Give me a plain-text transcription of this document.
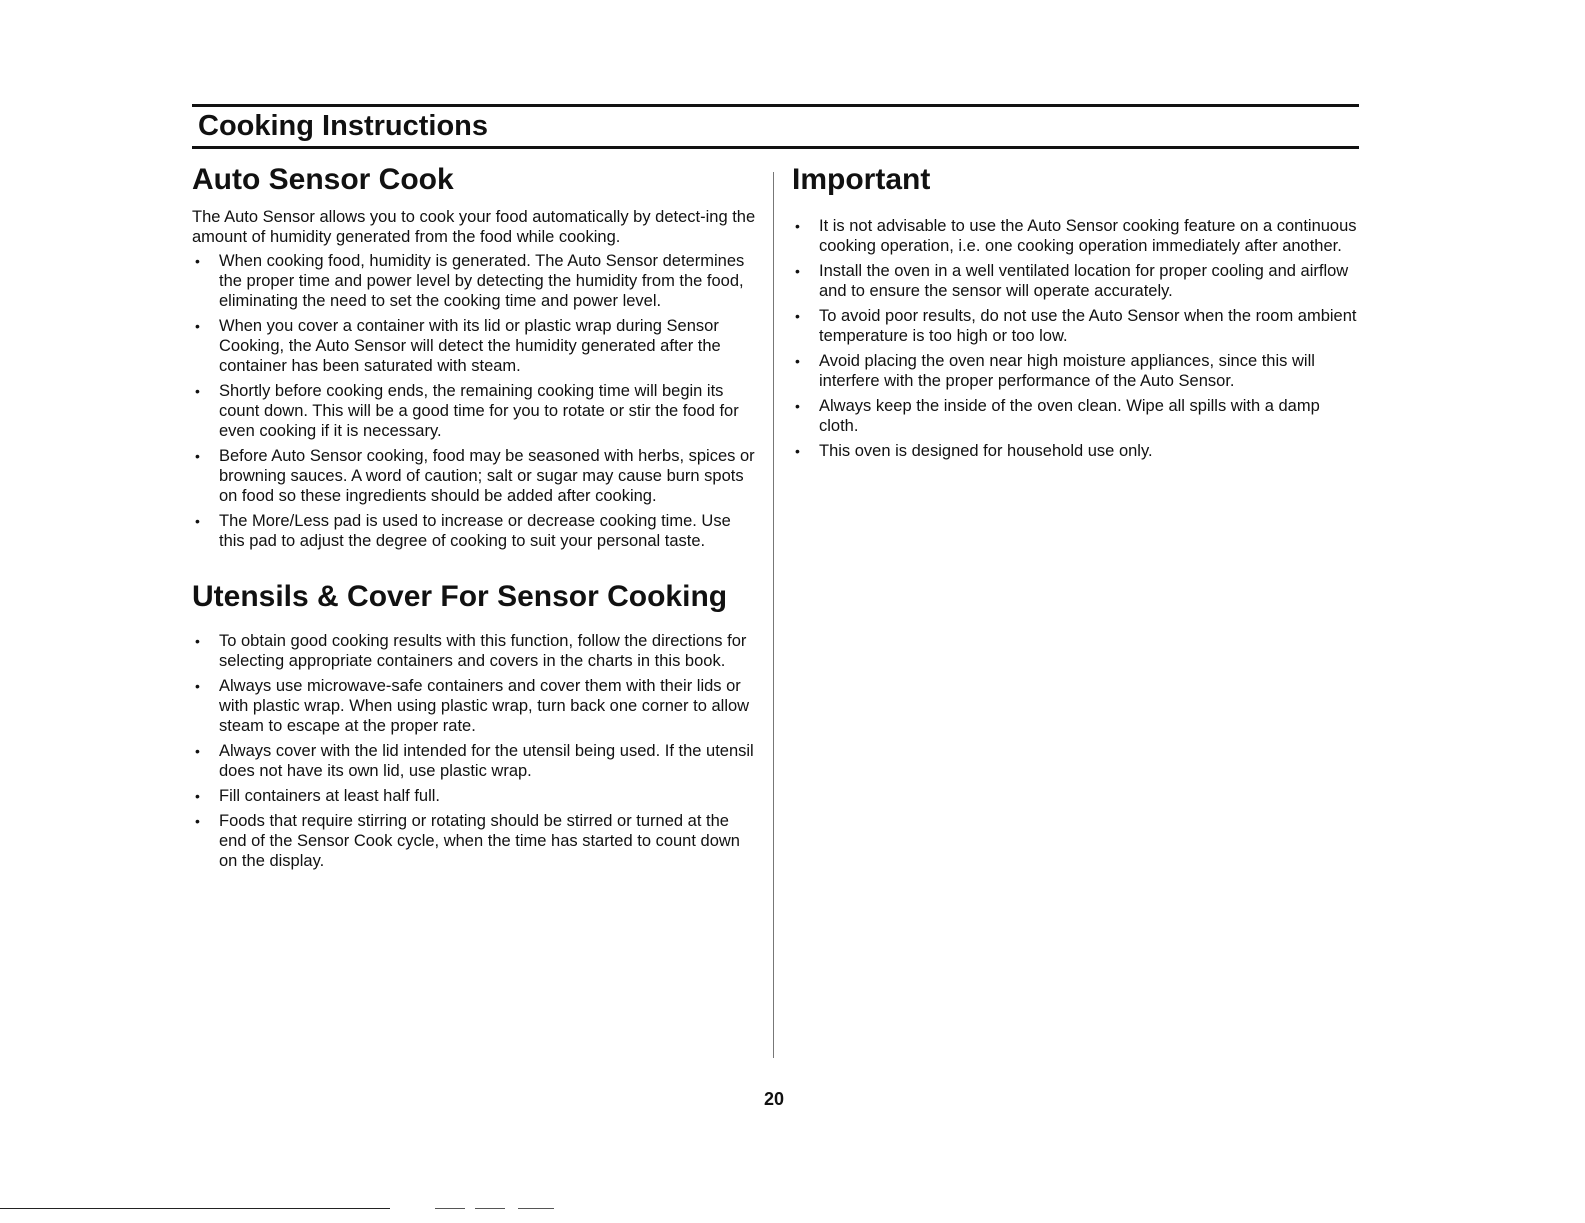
Cooking Instructions
Auto Sensor Cook

The Auto Sensor allows you to cook your food automatically by detect-ing the amount of humidity generated from the food while cooking.

• When cooking food, humidity is generated. The Auto Sensor determines the proper time and power level by detecting the humidity from the food, eliminating the need to set the cooking time and power level.
• When you cover a container with its lid or plastic wrap during Sensor Cooking, the Auto Sensor will detect the humidity generated after the container has been saturated with steam.
• Shortly before cooking ends, the remaining cooking time will begin its count down. This will be a good time for you to rotate or stir the food for even cooking if it is necessary.
• Before Auto Sensor cooking, food may be seasoned with herbs, spices or browning sauces. A word of caution; salt or sugar may cause burn spots on food so these ingredients should be added after cooking.
• The More/Less pad is used to increase or decrease cooking time. Use this pad to adjust the degree of cooking to suit your personal taste.
Utensils & Cover For Sensor Cooking
• To obtain good cooking results with this function, follow the directions for selecting appropriate containers and covers in the charts in this book.
• Always use microwave-safe containers and cover them with their lids or with plastic wrap. When using plastic wrap, turn back one corner to allow steam to escape at the proper rate.
• Always cover with the lid intended for the utensil being used. If the utensil does not have its own lid, use plastic wrap.
• Fill containers at least half full.
• Foods that require stirring or rotating should be stirred or turned at the end of the Sensor Cook cycle, when the time has started to count down on the display.
Important
• It is not advisable to use the Auto Sensor cooking feature on a continuous cooking operation, i.e. one cooking operation immediately after another.
• Install the oven in a well ventilated location for proper cooling and airflow and to ensure the sensor will operate accurately.
• To avoid poor results, do not use the Auto Sensor when the room ambient temperature is too high or too low.
• Avoid placing the oven near high moisture appliances, since this will interfere with the proper performance of the Auto Sensor.
• Always keep the inside of the oven clean. Wipe all spills with a damp cloth.
• This oven is designed for household use only.
20
